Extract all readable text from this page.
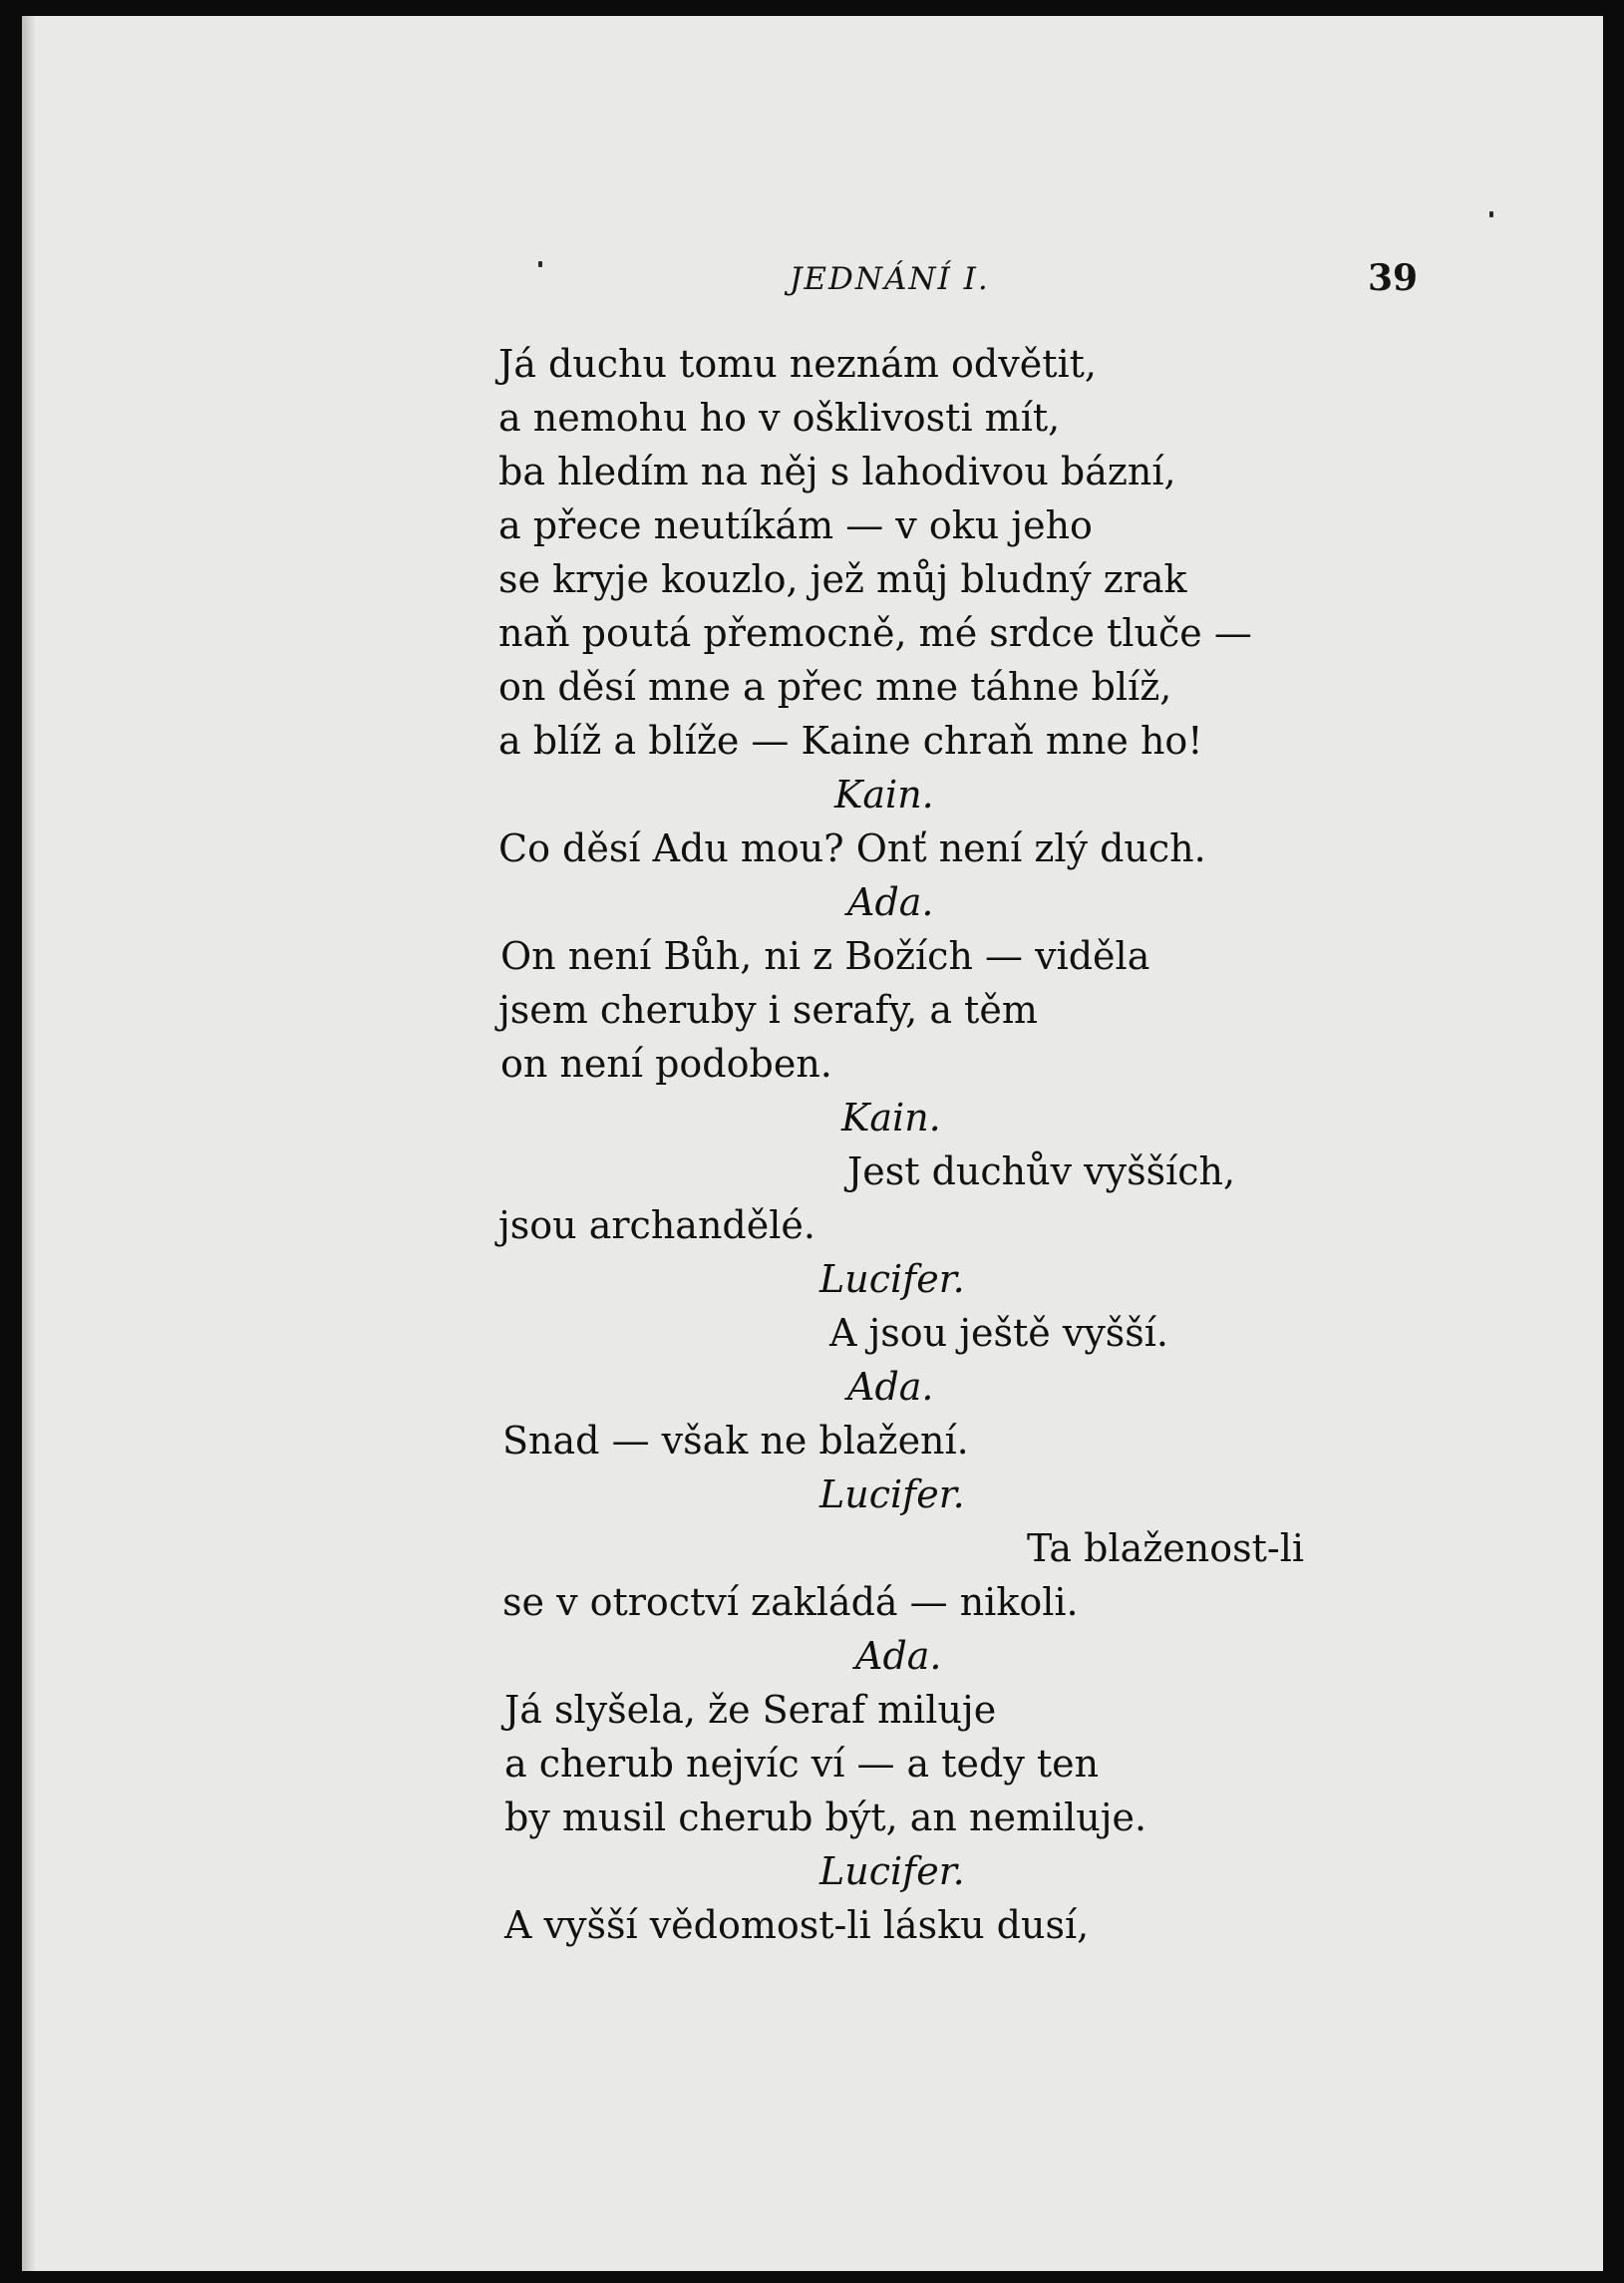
JEDNÁNÍ I.	39
Já duchu tomu neznám odvětit,
a nemohu ho v ošklivosti mít,
ba hledím na něj s lahodivou bázní,
a přece neutíkám — v oku jeho
se kryje kouzlo, jež můj bludný zrak
naň poutá přemocně, mé srdce tluče —
on děsí mne a přec mne táhne blíž,
a blíž a blíže — Kaine chraň mne ho!
Kain.
Co děsí Adu mou? Onť není zlý duch.
Ada.
On není Bůh, ni z Božích — viděla
jsem cheruby i serafy, a těm
on není podoben.
Kain.
Jest duchův vyšších,
jsou archandělé.
Lucifer.
A jsou ještě vyšší.
Ada.
Snad — však ne blažení.
Lucifer.
Ta blaženost-li
se v otroctví zakládá — nikoli.
Ada.
Já slyšela, že Seraf miluje
a cherub nejvíc ví — a tedy ten
by musil cherub být, an nemiluje.
Lucifer.
A vyšší vědomost-li lásku dusí,
